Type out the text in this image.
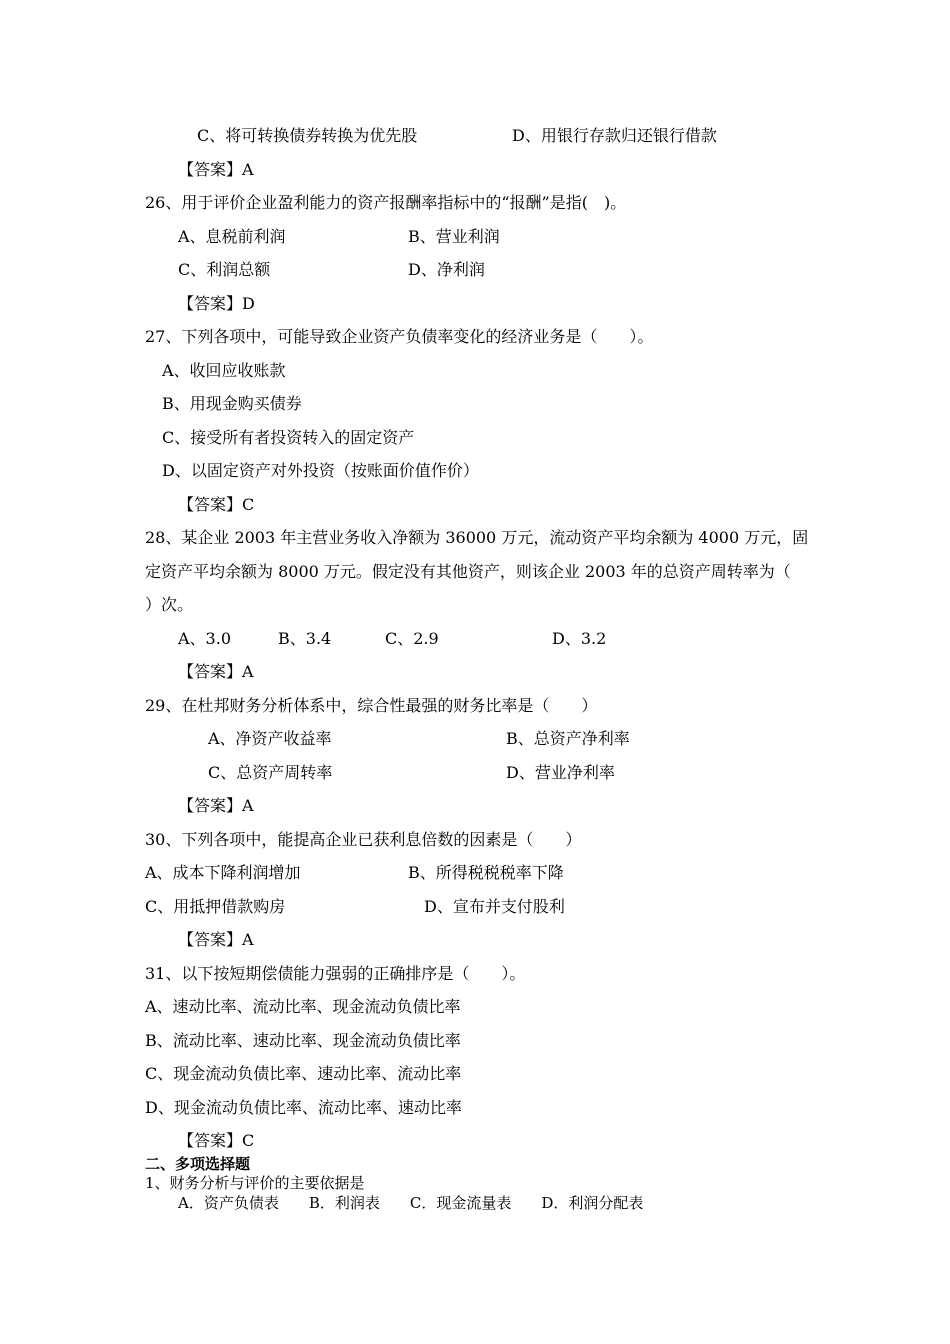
C、将可转换债券转换为优先股	D、用银行存款归还银行借款
【答案】A
26、用于评价企业盈利能力的资产报酬率指标中的“报酬”是指(　)。
A、息税前利润	B、营业利润
C、利润总额	D、净利润
【答案】D
27、下列各项中，可能导致企业资产负债率变化的经济业务是（　　）。
A、收回应收账款
B、用现金购买债券
C、接受所有者投资转入的固定资产
D、以固定资产对外投资（按账面价值作价）
【答案】C
28、某企业 2003 年主营业务收入净额为 36000 万元，流动资产平均余额为 4000 万元，固
定资产平均余额为 8000 万元。假定没有其他资产，则该企业 2003 年的总资产周转率为（
）次。
A、3.0	B、3.4	C、2.9	D、3.2
【答案】A
29、在杜邦财务分析体系中，综合性最强的财务比率是（　　）
A、净资产收益率	B、总资产净利率
C、总资产周转率	D、营业净利率
【答案】A
30、下列各项中，能提高企业已获利息倍数的因素是（　　）
A、成本下降利润增加	B、所得税税税率下降
C、用抵押借款购房	D、宣布并支付股利
【答案】A
31、以下按短期偿债能力强弱的正确排序是（　　）。
A、速动比率、流动比率、现金流动负债比率
B、流动比率、速动比率、现金流动负债比率
C、现金流动负债比率、速动比率、流动比率
D、现金流动负债比率、流动比率、速动比率
【答案】C
二、多项选择题
1、财务分析与评价的主要依据是
A．资产负债表　　B．利润表　　C．现金流量表　　D．利润分配表
